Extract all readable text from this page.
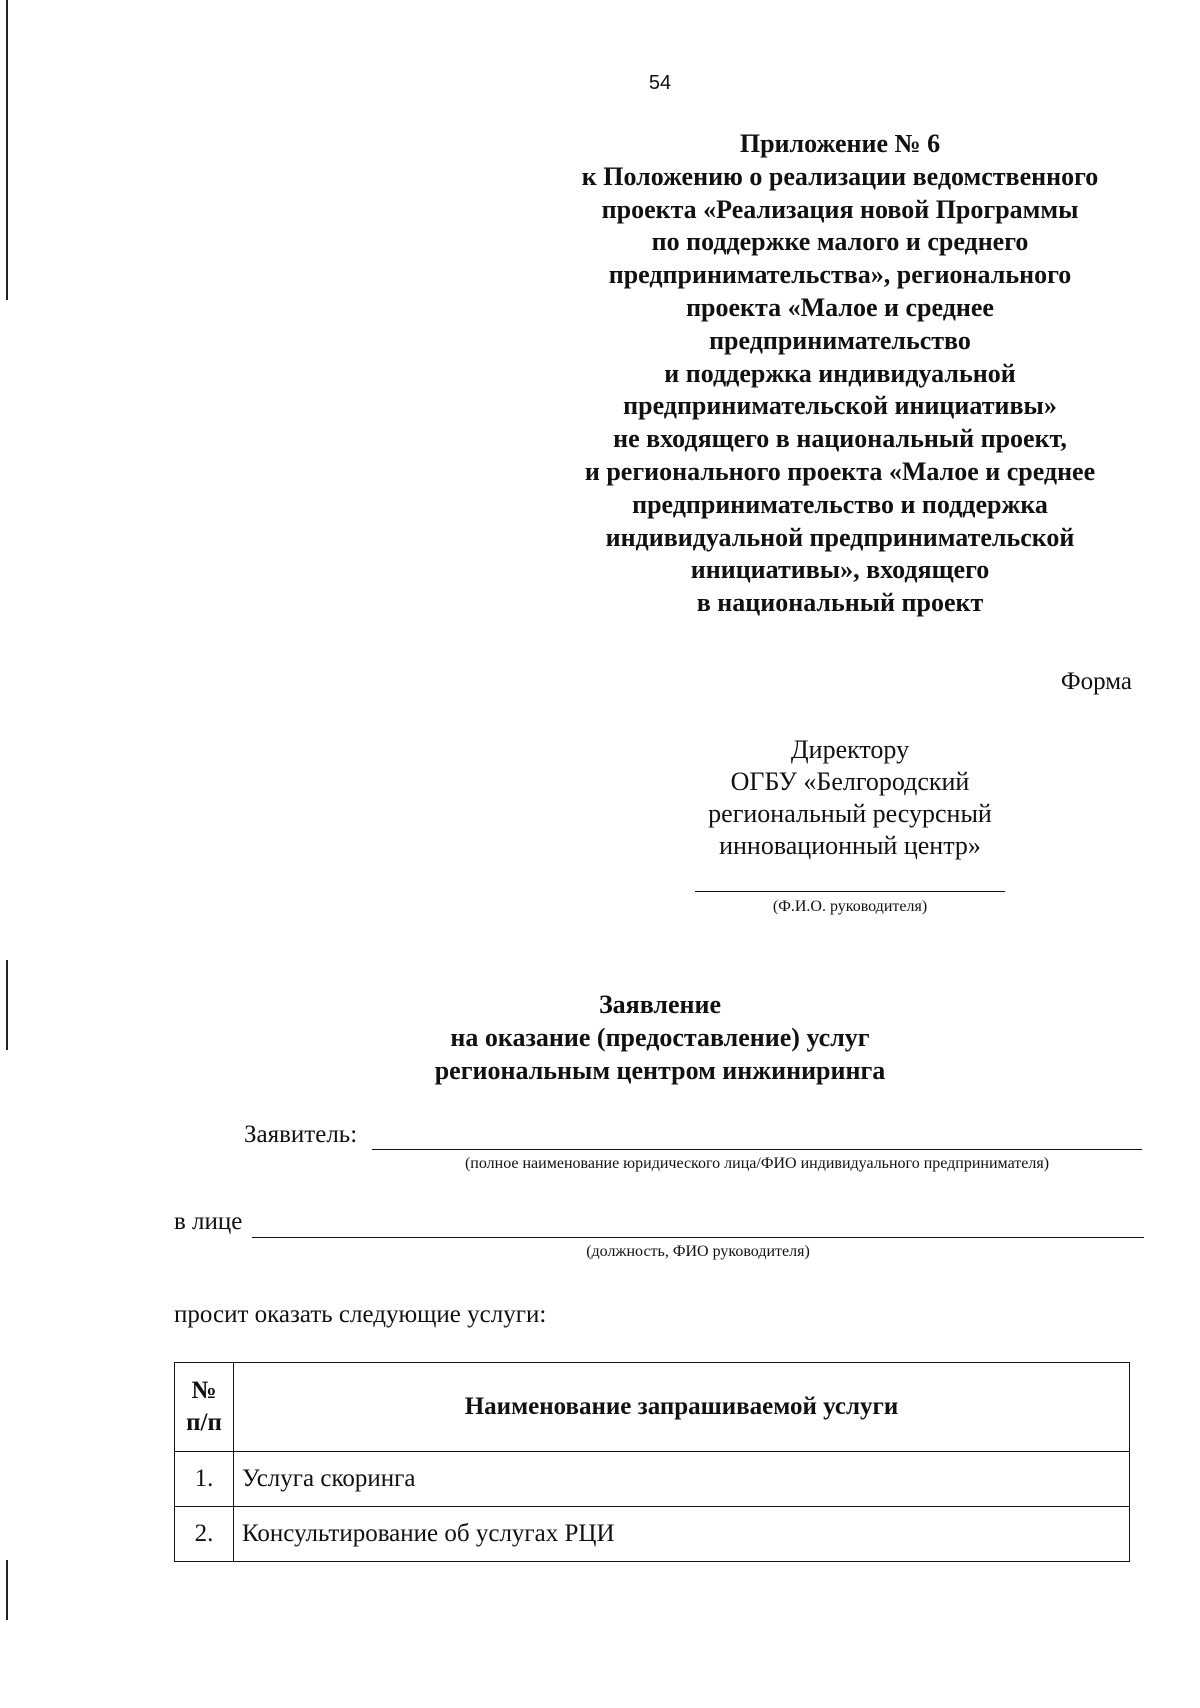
54
Приложение № 6
к Положению о реализации ведомственного
проекта «Реализация новой Программы
по поддержке малого и среднего
предпринимательства», регионального
проекта «Малое и среднее
предпринимательство
и поддержка индивидуальной
предпринимательской инициативы»
не входящего в национальный проект,
и регионального проекта «Малое и среднее
предпринимательство и поддержка
индивидуальной предпринимательской
инициативы», входящего
в национальный проект
Форма
Директору
ОГБУ «Белгородский
региональный ресурсный
инновационный центр»
(Ф.И.О. руководителя)
Заявление
на оказание (предоставление) услуг
региональным центром инжиниринга
Заявитель:
(полное наименование юридического лица/ФИО индивидуального предпринимателя)
в лице
(должность, ФИО руководителя)
просит оказать следующие услуги:
№
п/п	Наименование запрашиваемой услуги
1.	Услуга скоринга
2.	Консультирование об услугах РЦИ
